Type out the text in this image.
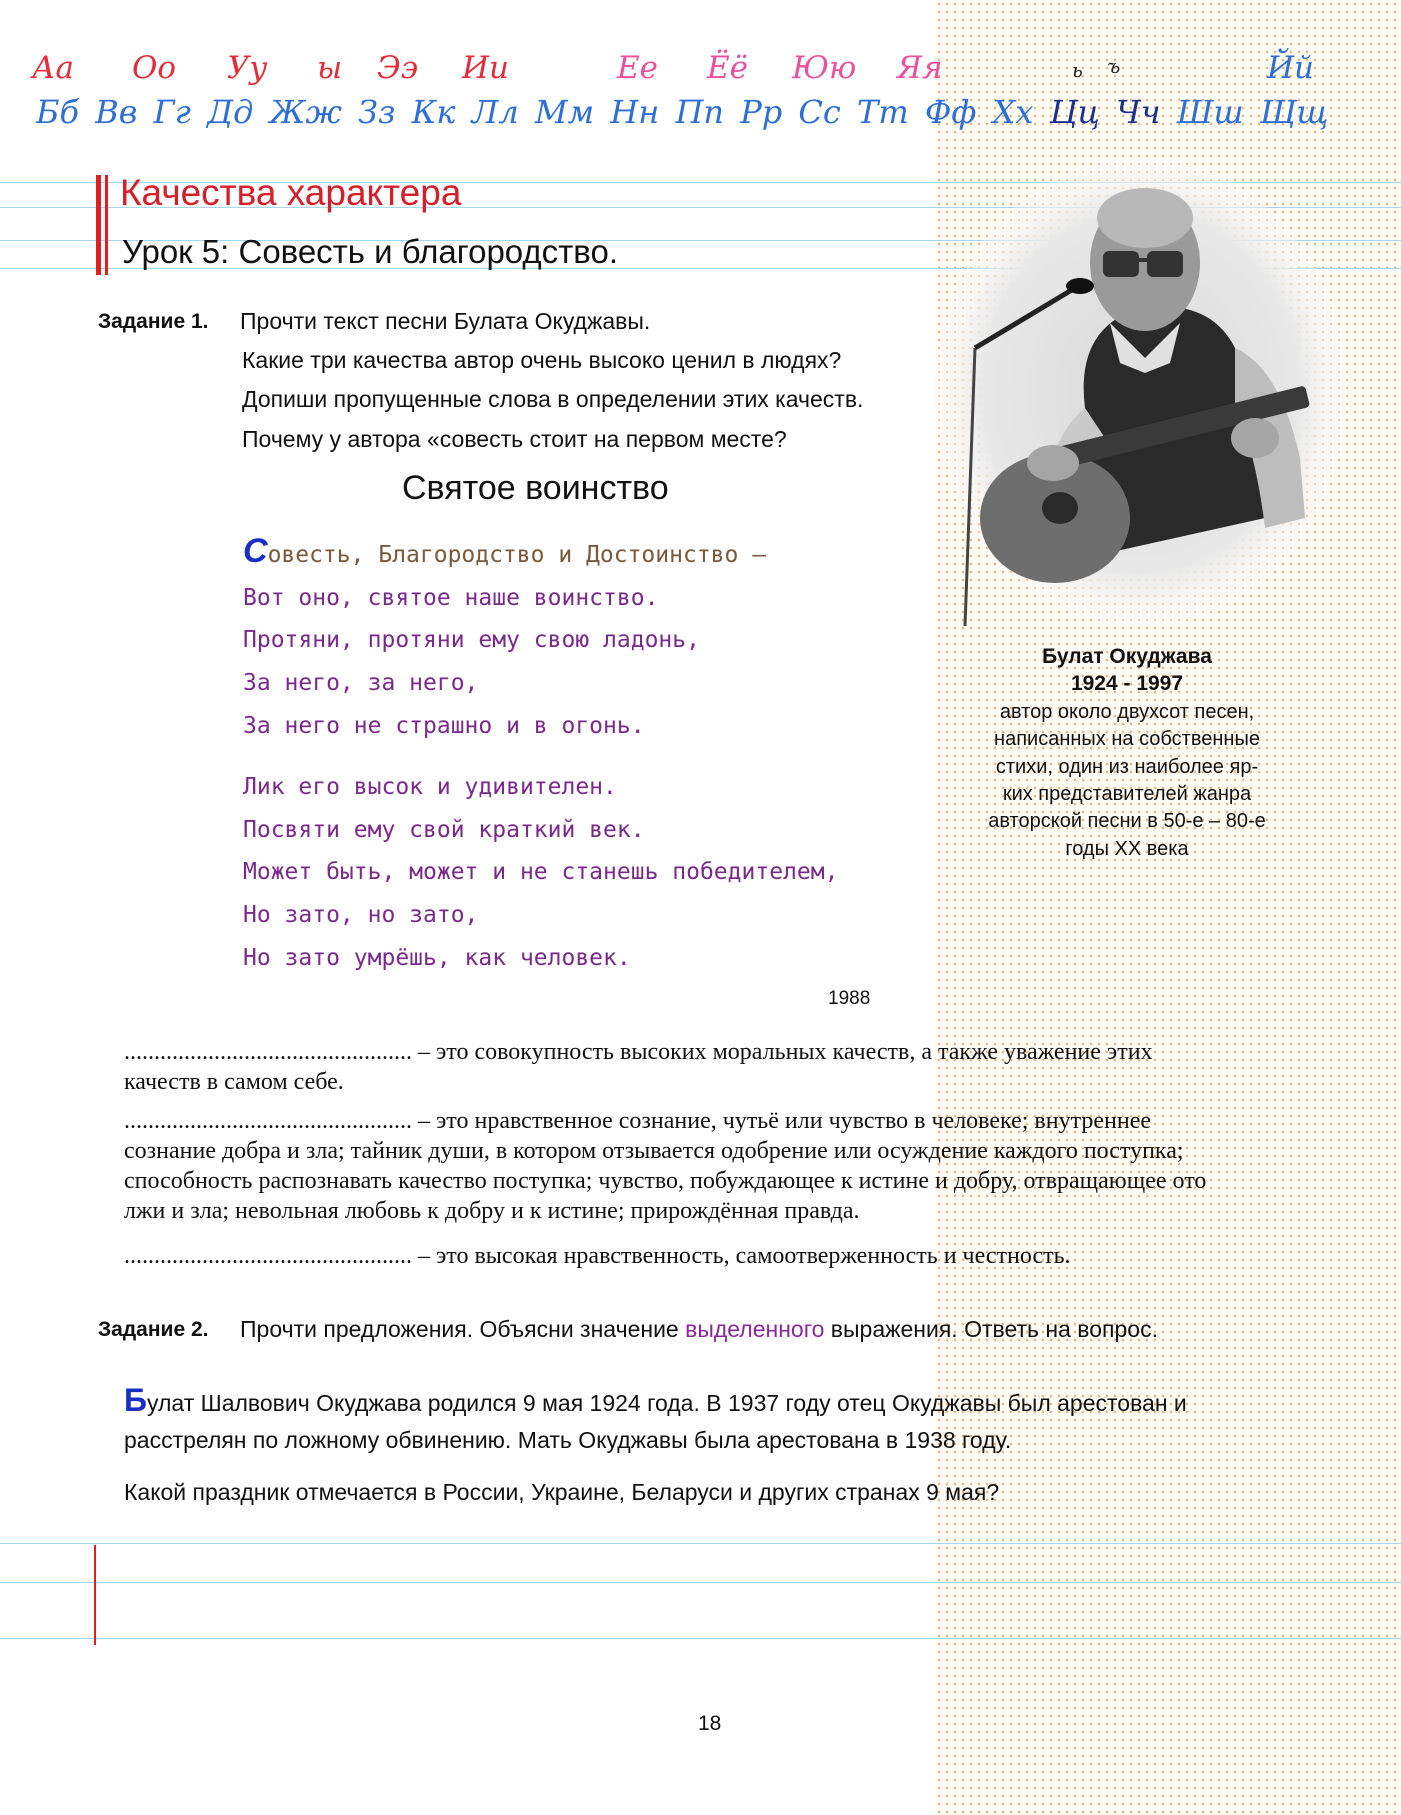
Аа Оо Уу ы Ээ Ии	Ее Ёё Юю Яя	ь ъ	Йй
Бб Вв Гг Дд Жж Зз Кк Лл Мм Нн Пп Рр Сс Тт Фф Хх Цц Чч Шш Щщ
Качества характера
Урок 5: Совесть и благородство.
Задание 1. Прочти текст песни Булата Окуджавы.
Какие три качества автор очень высоко ценил в людях?
Допиши пропущенные слова в определении этих качеств.
Почему у автора «совесть стоит на первом месте?
Святое воинство
Совесть, Благородство и Достоинство –
Вот оно, святое наше воинство.
Протяни, протяни ему свою ладонь,
За него, за него,
За него не страшно и в огонь.
Лик его высок и удивителен.
Посвяти ему свой краткий век.
Может быть, может и не станешь победителем,
Но зато, но зато,
Но зато умрёшь, как человек.
1988
Булат Окуджава
1924 - 1997
автор около двухсот песен,
написанных на собственные
стихи, один из наиболее яр-
ких представителей жанра
авторской песни в 50-е – 80-е
годы ХХ века
................................................ – это совокупность высоких моральных качеств, а также уважение этих качеств в самом себе.
................................................ – это нравственное сознание, чутьё или чувство в человеке; внутреннее сознание добра и зла; тайник души, в котором отзывается одобрение или осуждение каждого поступка; способность распознавать качество поступка; чувство, побуждающее к истине и добру, отвращающее ото лжи и зла; невольная любовь к добру и к истине; прирождённая правда.
................................................ – это высокая нравственность, самоотверженность и честность.
Задание 2. Прочти предложения. Объясни значение выделенного выражения. Ответь на вопрос.
Булат Шалвович Окуджава родился 9 мая 1924 года. В 1937 году отец Окуджавы был арестован и
расстрелян по ложному обвинению. Мать Окуджавы была арестована в 1938 году.
Какой праздник отмечается в России, Украине, Беларуси и других странах 9 мая?
18
